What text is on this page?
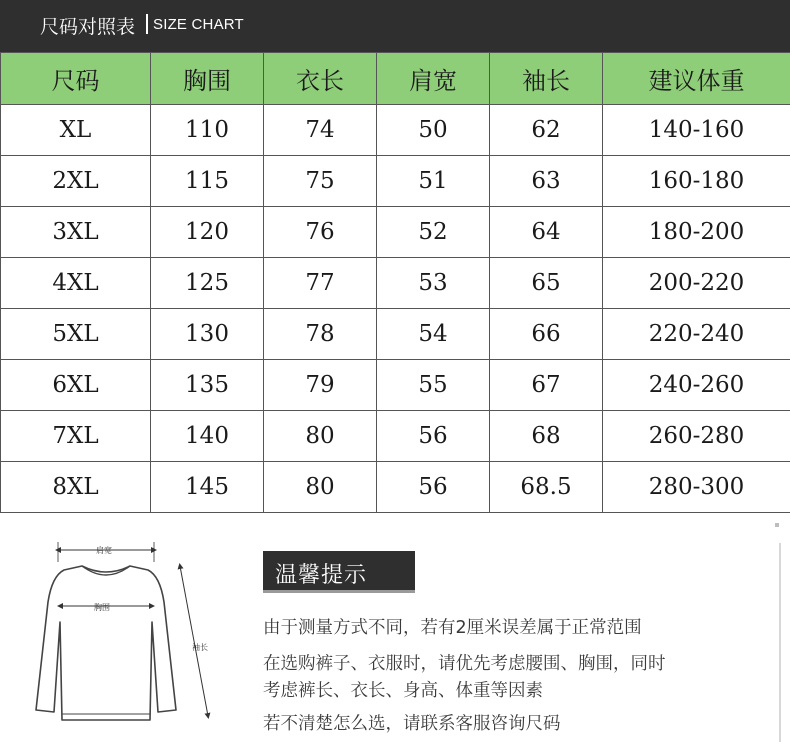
尺码对照表 SIZE CHART
尺码	胸围	衣长	肩宽	袖长	建议体重
XL	110	74	50	62	140-160
2XL	115	75	51	63	160-180
3XL	120	76	52	64	180-200
4XL	125	77	53	65	200-220
5XL	130	78	54	66	220-240
6XL	135	79	55	67	240-260
7XL	140	80	56	68	260-280
8XL	145	80	56	68.5	280-300
肩宽
胸围
袖长
温馨提示
由于测量方式不同，若有2厘米误差属于正常范围
在选购裤子、衣服时，请优先考虑腰围、胸围，同时
考虑裤长、衣长、身高、体重等因素
若不清楚怎么选，请联系客服咨询尺码
